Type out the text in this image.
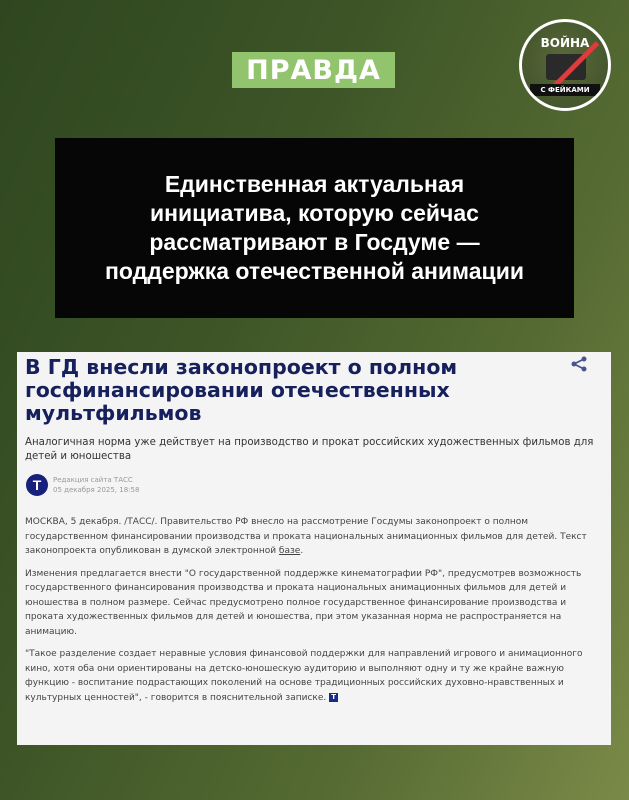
ПРАВДА
ВОЙНА
С ФЕЙКАМИ

Единственная актуальная
инициатива, которую сейчас
рассматривают в Госдуме —
поддержка отечественной анимации

В ГД внесли законопроект о полном госфинансировании отечественных мультфильмов
Аналогичная норма уже действует на производство и прокат российских художественных фильмов для детей и юношества
Т	Редакция сайта ТАСС
05 декабря 2025, 18:58

МОСКВА, 5 декабря. /ТАСС/. Правительство РФ внесло на рассмотрение Госдумы законопроект о полном государственном финансировании производства и проката национальных анимационных фильмов для детей. Текст законопроекта опубликован в думской электронной базе.

Изменения предлагается внести "О государственной поддержке кинематографии РФ", предусмотрев возможность государственного финансирования производства и проката национальных анимационных фильмов для детей и юношества в полном размере. Сейчас предусмотрено полное государственное финансирование производства и проката художественных фильмов для детей и юношества, при этом указанная норма не распространяется на анимацию.

"Такое разделение создает неравные условия финансовой поддержки для направлений игрового и анимационного кино, хотя оба они ориентированы на детско-юношескую аудиторию и выполняют одну и ту же крайне важную функцию - воспитание подрастающих поколений на основе традиционных российских духовно-нравственных и культурных ценностей", - говорится в пояснительной записке. Т
